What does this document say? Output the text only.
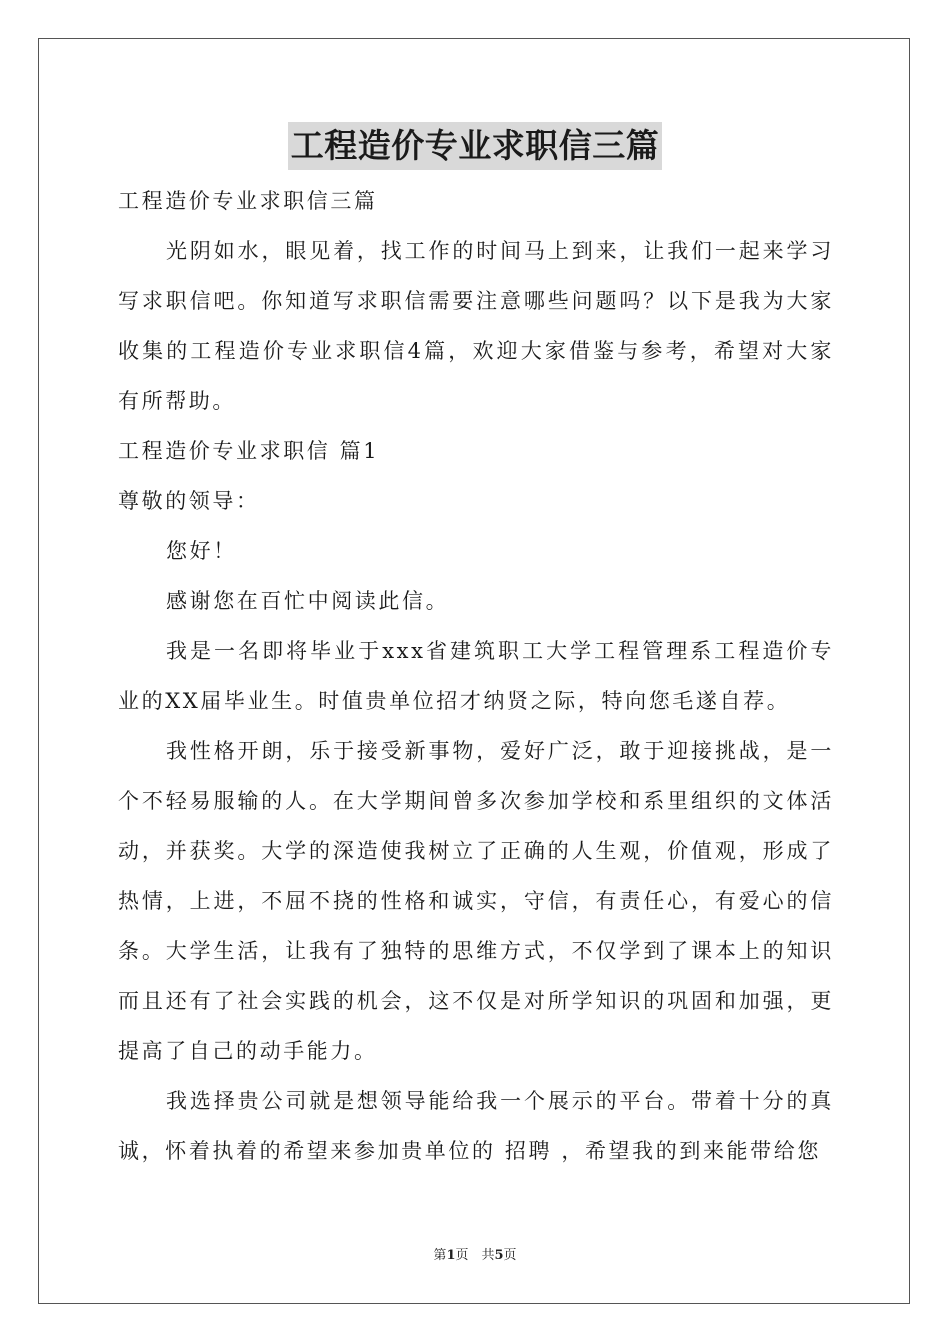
工程造价专业求职信三篇

工程造价专业求职信三篇

光阴如水，眼见着，找工作的时间马上到来，让我们一起来学习写求职信吧。你知道写求职信需要注意哪些问题吗？以下是我为大家收集的工程造价专业求职信4篇，欢迎大家借鉴与参考，希望对大家有所帮助。

工程造价专业求职信 篇1

尊敬的领导：

您好！

感谢您在百忙中阅读此信。

我是一名即将毕业于xxx省建筑职工大学工程管理系工程造价专业的XX届毕业生。时值贵单位招才纳贤之际，特向您毛遂自荐。

我性格开朗，乐于接受新事物，爱好广泛，敢于迎接挑战，是一个不轻易服输的人。在大学期间曾多次参加学校和系里组织的文体活动，并获奖。大学的深造使我树立了正确的人生观，价值观，形成了热情，上进，不屈不挠的性格和诚实，守信，有责任心，有爱心的信条。大学生活，让我有了独特的思维方式，不仅学到了课本上的知识而且还有了社会实践的机会，这不仅是对所学知识的巩固和加强，更提高了自己的动手能力。

我选择贵公司就是想领导能给我一个展示的平台。带着十分的真诚，怀着执着的希望来参加贵单位的 招聘 ，希望我的到来能带给您

第1页　共5页
